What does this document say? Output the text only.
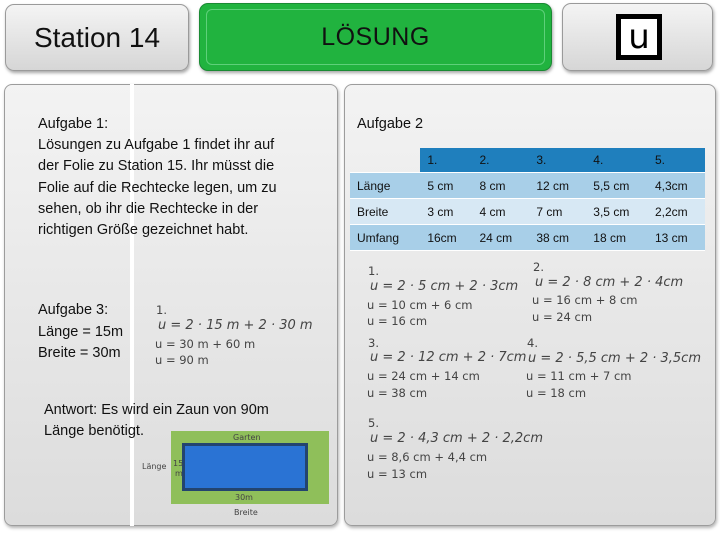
Station 14	LÖSUNG	u
Aufgabe 1:
Lösungen zu Aufgabe 1 findet ihr auf
der Folie zu Station 15. Ihr müsst die
Folie auf die Rechtecke legen, um zu
sehen, ob ihr die Rechtecke in der
richtigen Größe gezeichnet habt.
Aufgabe 3:
Länge = 15m
Breite = 30m
1.
u = 2 · 15 m + 2 · 30 m
u = 30 m + 60 m
u = 90 m
Antwort: Es wird ein Zaun von 90m
Länge benötigt.	Garten
15
m
30m
Länge
Breite
Aufgabe 2
	1.	2.	3.	4.	5.
Länge	5 cm	8 cm	12 cm	5,5 cm	4,3cm
Breite	3 cm	4 cm	7 cm	3,5 cm	2,2cm
Umfang	16cm	24 cm	38 cm	18 cm	13 cm
1.
u = 2 · 5 cm + 2 · 3cm
u = 10 cm + 6 cm
u = 16 cm
2.
u = 2 · 8 cm + 2 · 4cm
u = 16 cm + 8 cm
u = 24 cm
3.
u = 2 · 12 cm + 2 · 7cm
u = 24 cm + 14 cm
u = 38 cm
4.
u = 2 · 5,5 cm + 2 · 3,5cm
u = 11 cm + 7 cm
u = 18 cm
5.
u = 2 · 4,3 cm + 2 · 2,2cm
u = 8,6 cm + 4,4 cm
u = 13 cm
